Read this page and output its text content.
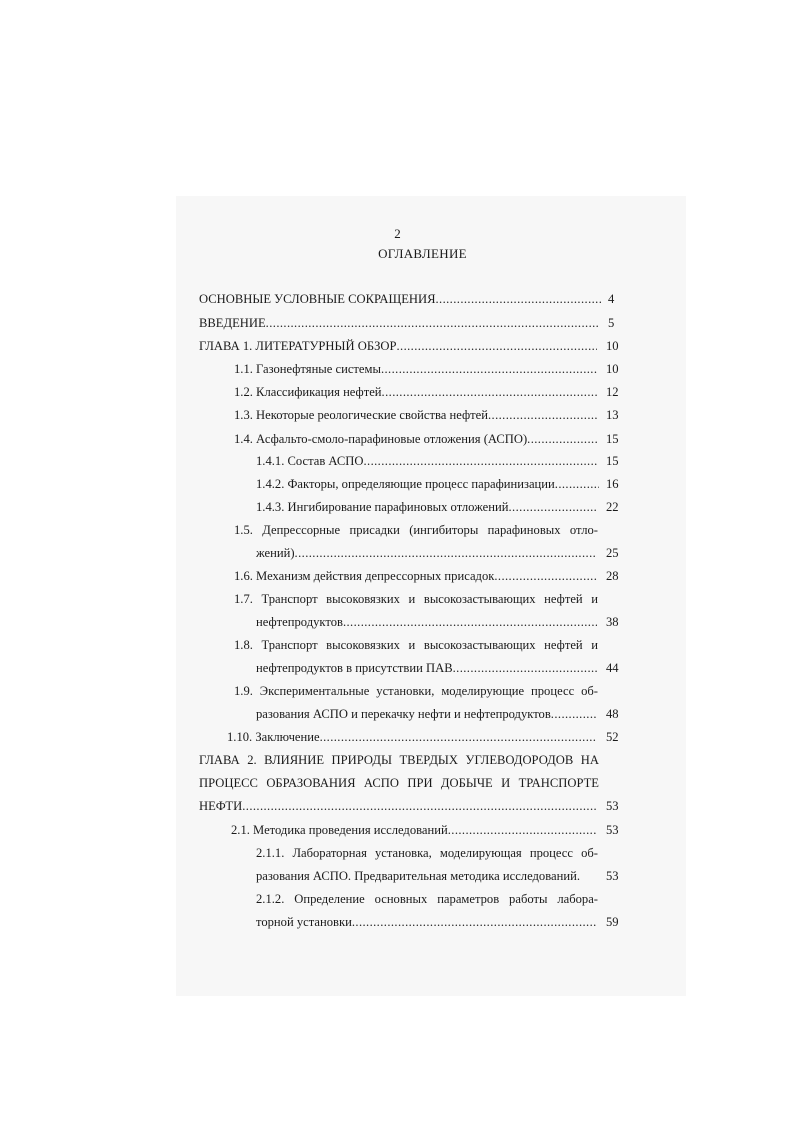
2
ОГЛАВЛЕНИЕ
ОСНОВНЫЕ УСЛОВНЫЕ СОКРАЩЕНИЯ .....	4
ВВЕДЕНИЕ .....	5
ГЛАВА 1. ЛИТЕРАТУРНЫЙ ОБЗОР .....	10
1.1. Газонефтяные системы .....	10
1.2. Классификация нефтей .....	12
1.3. Некоторые реологические свойства нефтей .....	13
1.4. Асфальто-смоло-парафиновые отложения (АСПО) .....	15
1.4.1. Состав АСПО .....	15
1.4.2. Факторы, определяющие процесс парафинизации .....	16
1.4.3. Ингибирование парафиновых отложений .....	22
1.5. Депрессорные присадки (ингибиторы парафиновых отло-
жений) .....	25
1.6. Механизм действия депрессорных присадок .....	28
1.7. Транспорт высоковязких и высокозастывающих нефтей и
нефтепродуктов .....	38
1.8. Транспорт высоковязких и высокозастывающих нефтей и
нефтепродуктов в присутствии ПАВ .....	44
1.9. Экспериментальные установки, моделирующие процесс об-
разования АСПО и перекачку нефти и нефтепродуктов .....	48
1.10. Заключение .....	52
ГЛАВА 2. ВЛИЯНИЕ ПРИРОДЫ ТВЕРДЫХ УГЛЕВОДОРОДОВ НА
ПРОЦЕСС ОБРАЗОВАНИЯ АСПО ПРИ ДОБЫЧЕ И ТРАНСПОРТЕ
НЕФТИ .....	53
2.1. Методика проведения исследований .....	53
2.1.1. Лабораторная установка, моделирующая процесс об-
разования АСПО. Предварительная методика исследований. 53
2.1.2. Определение основных параметров работы лабора-
торной установки .....	59
